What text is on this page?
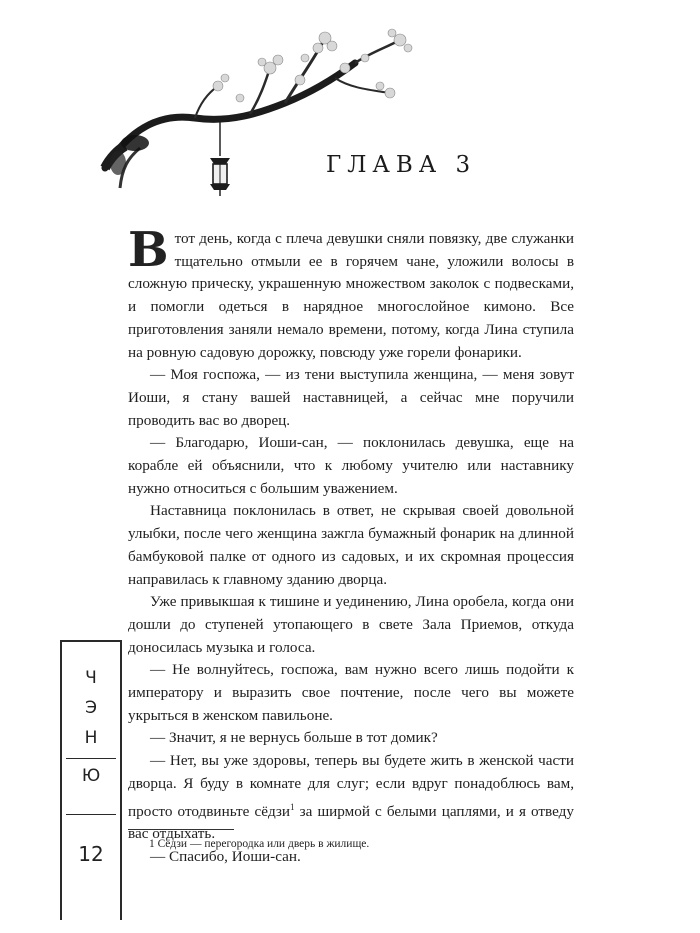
ГЛАВА 3

Втот день, когда с плеча девушки сняли повязку, две служанки тщательно отмыли ее в горячем чане, уложили волосы в сложную прическу, украшенную множеством заколок с подвесками, и помогли одеться в нарядное многослойное кимоно. Все приготовления заняли немало времени, потому, когда Лина ступила на ровную садовую дорожку, повсюду уже горели фонарики.

— Моя госпожа, — из тени выступила женщина, — меня зовут Иоши, я стану вашей наставницей, а сейчас мне поручили проводить вас во дворец.

— Благодарю, Иоши-сан, — поклонилась девушка, еще на корабле ей объяснили, что к любому учителю или наставнику нужно относиться с большим уважением.

Наставница поклонилась в ответ, не скрывая своей довольной улыбки, после чего женщина зажгла бумажный фонарик на длинной бамбуковой палке от одного из садовых, и их скромная процессия направилась к главному зданию дворца.

Уже привыкшая к тишине и уединению, Лина оробела, когда они дошли до ступеней утопающего в свете Зала Приемов, откуда доносилась музыка и голоса.

— Не волнуйтесь, госпожа, вам нужно всего лишь подойти к императору и выразить свое почтение, после чего вы можете укрыться в женском павильоне.

— Значит, я не вернусь больше в тот домик?

— Нет, вы уже здоровы, теперь вы будете жить в женской части дворца. Я буду в комнате для слуг; если вдруг понадоблюсь вам, просто отодвиньте сёдзи$^1$ за ширмой с белыми цаплями, и я отведу вас отдыхать.

— Спасибо, Иоши-сан.

1 Сёдзи — перегородка или дверь в жилище.
Ч
Э
Н
Ю
12
